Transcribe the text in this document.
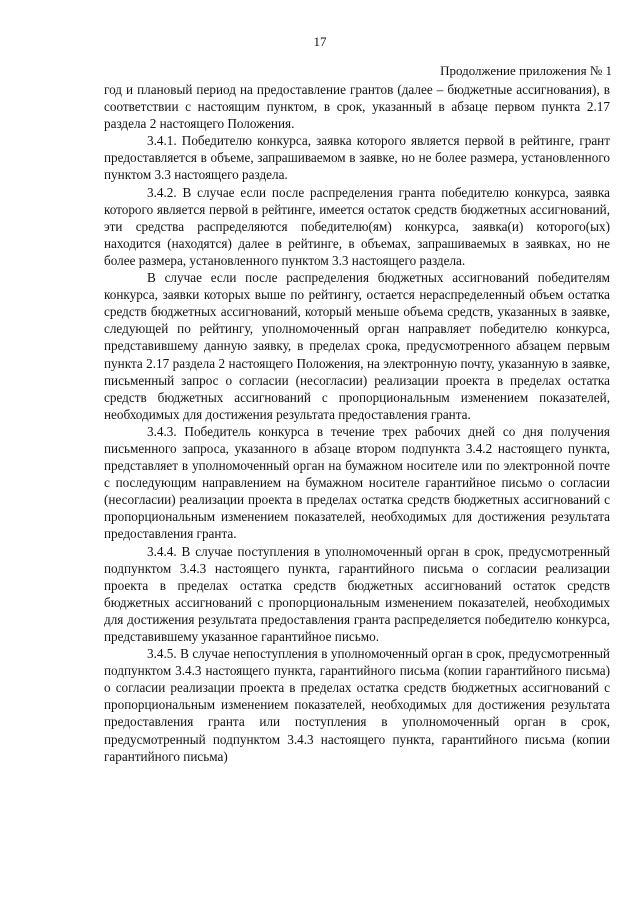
17
Продолжение приложения № 1

год и плановый период на предоставление грантов (далее – бюджетные ассигнования), в соответствии с настоящим пунктом, в срок, указанный в абзаце первом пункта 2.17 раздела 2 настоящего Положения.

3.4.1. Победителю конкурса, заявка которого является первой в рейтинге, грант предоставляется в объеме, запрашиваемом в заявке, но не более размера, установленного пунктом 3.3 настоящего раздела.

3.4.2. В случае если после распределения гранта победителю конкурса, заявка которого является первой в рейтинге, имеется остаток средств бюджетных ассигнований, эти средства распределяются победителю(ям) конкурса, заявка(и) которого(ых) находится (находятся) далее в рейтинге, в объемах, запрашиваемых в заявках, но не более размера, установленного пунктом 3.3 настоящего раздела.

В случае если после распределения бюджетных ассигнований победителям конкурса, заявки которых выше по рейтингу, остается нераспределенный объем остатка средств бюджетных ассигнований, который меньше объема средств, указанных в заявке, следующей по рейтингу, уполномоченный орган направляет победителю конкурса, представившему данную заявку, в пределах срока, предусмотренного абзацем первым пункта 2.17 раздела 2 настоящего Положения, на электронную почту, указанную в заявке, письменный запрос о согласии (несогласии) реализации проекта в пределах остатка средств бюджетных ассигнований с пропорциональным изменением показателей, необходимых для достижения результата предоставления гранта.

3.4.3. Победитель конкурса в течение трех рабочих дней со дня получения письменного запроса, указанного в абзаце втором подпункта 3.4.2 настоящего пункта, представляет в уполномоченный орган на бумажном носителе или по электронной почте с последующим направлением на бумажном носителе гарантийное письмо о согласии (несогласии) реализации проекта в пределах остатка средств бюджетных ассигнований с пропорциональным изменением показателей, необходимых для достижения результата предоставления гранта.

3.4.4. В случае поступления в уполномоченный орган в срок, предусмотренный подпунктом 3.4.3 настоящего пункта, гарантийного письма о согласии реализации проекта в пределах остатка средств бюджетных ассигнований остаток средств бюджетных ассигнований с пропорциональным изменением показателей, необходимых для достижения результата предоставления гранта распределяется победителю конкурса, представившему указанное гарантийное письмо.

3.4.5. В случае непоступления в уполномоченный орган в срок, предусмотренный подпунктом 3.4.3 настоящего пункта, гарантийного письма (копии гарантийного письма) о согласии реализации проекта в пределах остатка средств бюджетных ассигнований с пропорциональным изменением показателей, необходимых для достижения результата предоставления гранта или поступления в уполномоченный орган в срок, предусмотренный подпунктом 3.4.3 настоящего пункта, гарантийного письма (копии гарантийного письма)
